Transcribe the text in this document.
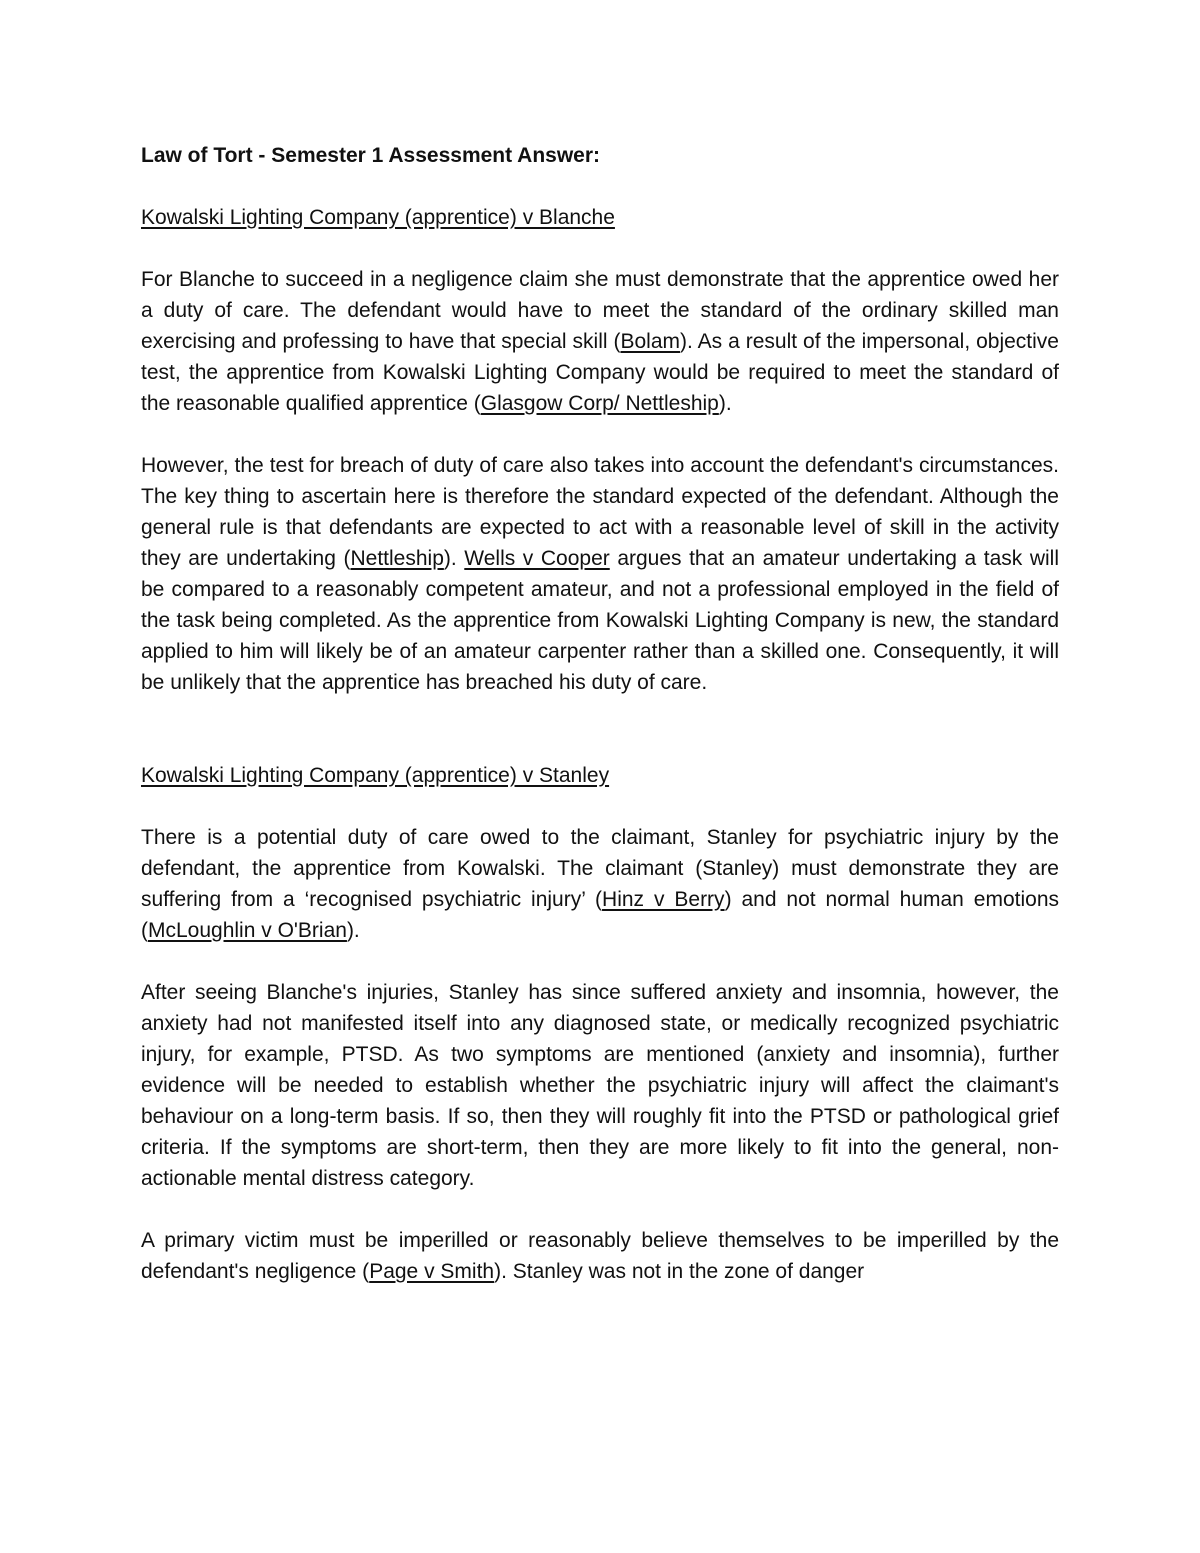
Law of Tort - Semester 1 Assessment Answer:
Kowalski Lighting Company (apprentice) v Blanche

For Blanche to succeed in a negligence claim she must demonstrate that the apprentice owed her a duty of care. The defendant would have to meet the standard of the ordinary skilled man exercising and professing to have that special skill (Bolam). As a result of the impersonal, objective test, the apprentice from Kowalski Lighting Company would be required to meet the standard of the reasonable qualified apprentice (Glasgow Corp/ Nettleship).

However, the test for breach of duty of care also takes into account the defendant's circumstances. The key thing to ascertain here is therefore the standard expected of the defendant. Although the general rule is that defendants are expected to act with a reasonable level of skill in the activity they are undertaking (Nettleship). Wells v Cooper argues that an amateur undertaking a task will be compared to a reasonably competent amateur, and not a professional employed in the field of the task being completed. As the apprentice from Kowalski Lighting Company is new, the standard applied to him will likely be of an amateur carpenter rather than a skilled one. Consequently, it will be unlikely that the apprentice has breached his duty of care.

Kowalski Lighting Company (apprentice) v Stanley

There is a potential duty of care owed to the claimant, Stanley for psychiatric injury by the defendant, the apprentice from Kowalski. The claimant (Stanley) must demonstrate they are suffering from a ‘recognised psychiatric injury’ (Hinz v Berry) and not normal human emotions (McLoughlin v O'Brian).

After seeing Blanche's injuries, Stanley has since suffered anxiety and insomnia, however, the anxiety had not manifested itself into any diagnosed state, or medically recognized psychiatric injury, for example, PTSD. As two symptoms are mentioned (anxiety and insomnia), further evidence will be needed to establish whether the psychiatric injury will affect the claimant's behaviour on a long-term basis. If so, then they will roughly fit into the PTSD or pathological grief criteria. If the symptoms are short-term, then they are more likely to fit into the general, non-actionable mental distress category.

A primary victim must be imperilled or reasonably believe themselves to be imperilled by the defendant's negligence (Page v Smith). Stanley was not in the zone of danger
